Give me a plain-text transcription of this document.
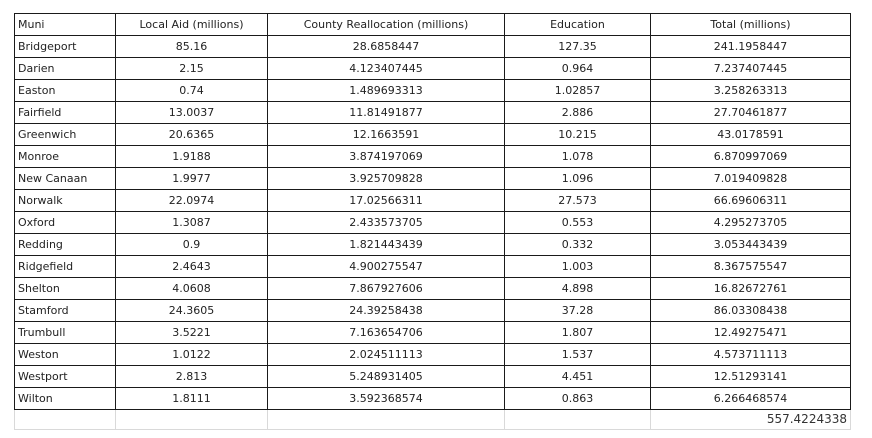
Muni	Local Aid (millions)	County Reallocation (millions)	Education	Total (millions)
Bridgeport	85.16	28.6858447	127.35	241.1958447
Darien	2.15	4.123407445	0.964	7.237407445
Easton	0.74	1.489693313	1.02857	3.258263313
Fairfield	13.0037	11.81491877	2.886	27.70461877
Greenwich	20.6365	12.1663591	10.215	43.0178591
Monroe	1.9188	3.874197069	1.078	6.870997069
New Canaan	1.9977	3.925709828	1.096	7.019409828
Norwalk	22.0974	17.02566311	27.573	66.69606311
Oxford	1.3087	2.433573705	0.553	4.295273705
Redding	0.9	1.821443439	0.332	3.053443439
Ridgefield	2.4643	4.900275547	1.003	8.367575547
Shelton	4.0608	7.867927606	4.898	16.82672761
Stamford	24.3605	24.39258438	37.28	86.03308438
Trumbull	3.5221	7.163654706	1.807	12.49275471
Weston	1.0122	2.024511113	1.537	4.573711113
Westport	2.813	5.248931405	4.451	12.51293141
Wilton	1.8111	3.592368574	0.863	6.266468574
				557.4224338
